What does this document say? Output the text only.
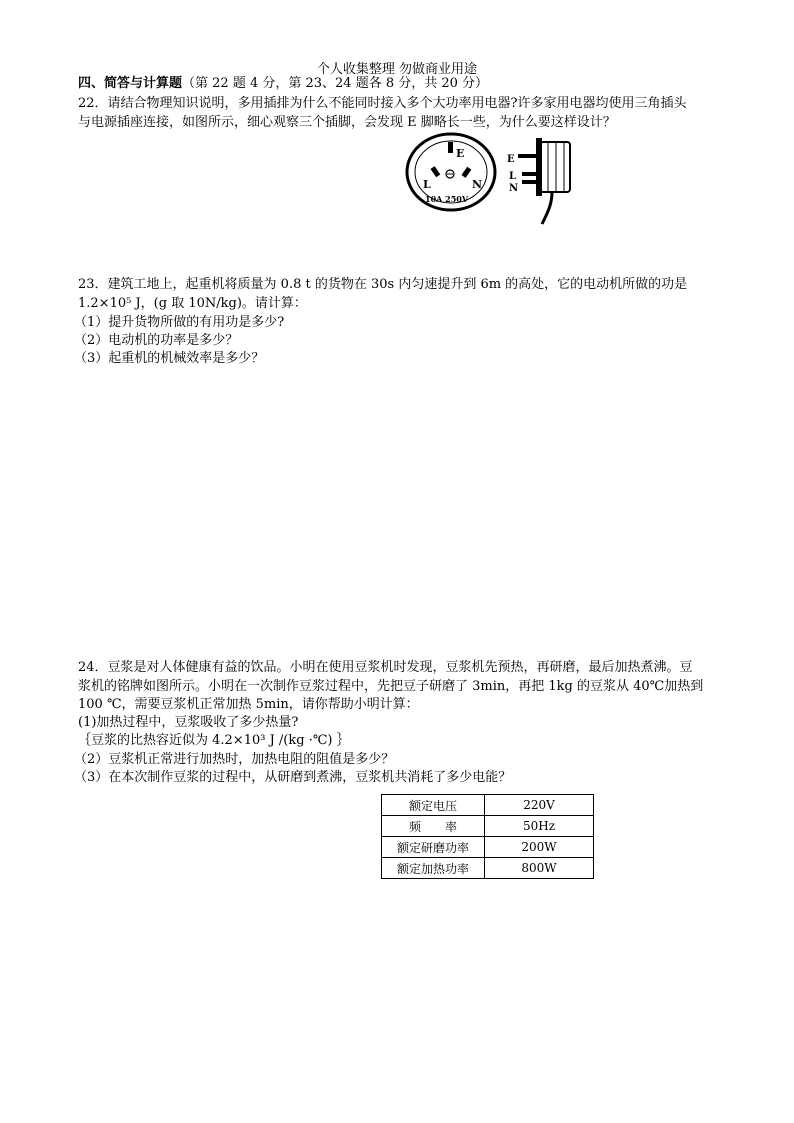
个人收集整理 勿做商业用途
四、简答与计算题（第 22 题 4 分，第 23、24 题各 8 分，共 20 分）
22．请结合物理知识说明，多用插排为什么不能同时接入多个大功率用电器?许多家用电器均使用三角插头
与电源插座连接，如图所示，细心观察三个插脚，会发现 E 脚略长一些，为什么要这样设计？
E
L	N
10A 250V
E
L
N
23．建筑工地上，起重机将质量为 0.8 t 的货物在 30s 内匀速提升到 6m 的高处，它的电动机所做的功是
1.2×10⁵ J，(g 取 10N/kg)。请计算：
（1）提升货物所做的有用功是多少?
（2）电动机的功率是多少？
（3）起重机的机械效率是多少？
24．豆浆是对人体健康有益的饮品。小明在使用豆浆机时发现，豆浆机先预热，再研磨，最后加热煮沸。豆
浆机的铭牌如图所示。小明在一次制作豆浆过程中，先把豆子研磨了 3min，再把 1kg 的豆浆从 40℃加热到
100 ℃，需要豆浆机正常加热 5min，请你帮助小明计算：
(1)加热过程中，豆浆吸收了多少热量?
｛豆浆的比热容近似为 4.2×10³ J /(kg ·℃) ｝
（2）豆浆机正常进行加热时，加热电阻的阻值是多少？
（3）在本次制作豆浆的过程中，从研磨到煮沸，豆浆机共消耗了多少电能？
额定电压	220V
频　　率	50Hz
额定研磨功率	200W
额定加热功率	800W
